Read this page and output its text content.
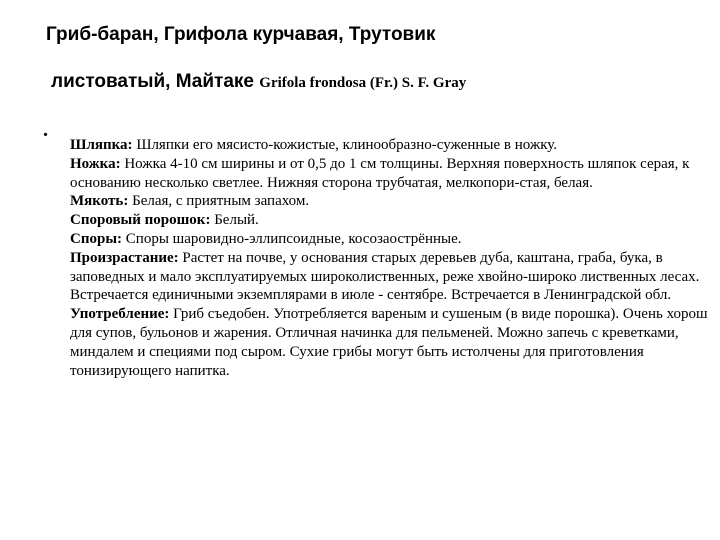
Гриб-баран, Грифола курчавая, Трутовик
листоватый, Майтаке Grifola frondosa (Fr.) S. F. Gray
.

Шляпка: Шляпки его мясисто-кожистые, клинообразно-суженные в ножку.

Ножка: Ножка 4-10 см ширины и от 0,5 до 1 см толщины. Верхняя поверхность шляпок серая, к основанию несколько светлее. Нижняя сторона трубчатая, мелкопори-стая, белая.

Мякоть: Белая, с приятным запахом.

Споровый порошок: Белый.

Споры: Споры шаровидно-эллипсоидные, косозаострённые.

Произрастание: Растет на почве, у основания старых деревьев дуба, каштана, граба, бука, в заповедных и мало эксплуатируемых широколиственных, реже хвойно-широко лиственных лесах. Встречается единичными экземплярами в июле - сентябре. Встречается в Ленинградской обл.

Употребление: Гриб съедобен. Употребляется вареным и сушеным (в виде порошка). Очень хорош для супов, бульонов и жарения. Отличная начинка для пельменей. Можно запечь с креветками, миндалем и специями под сыром. Сухие грибы могут быть истолчены для приготовления тонизирующего напитка.
